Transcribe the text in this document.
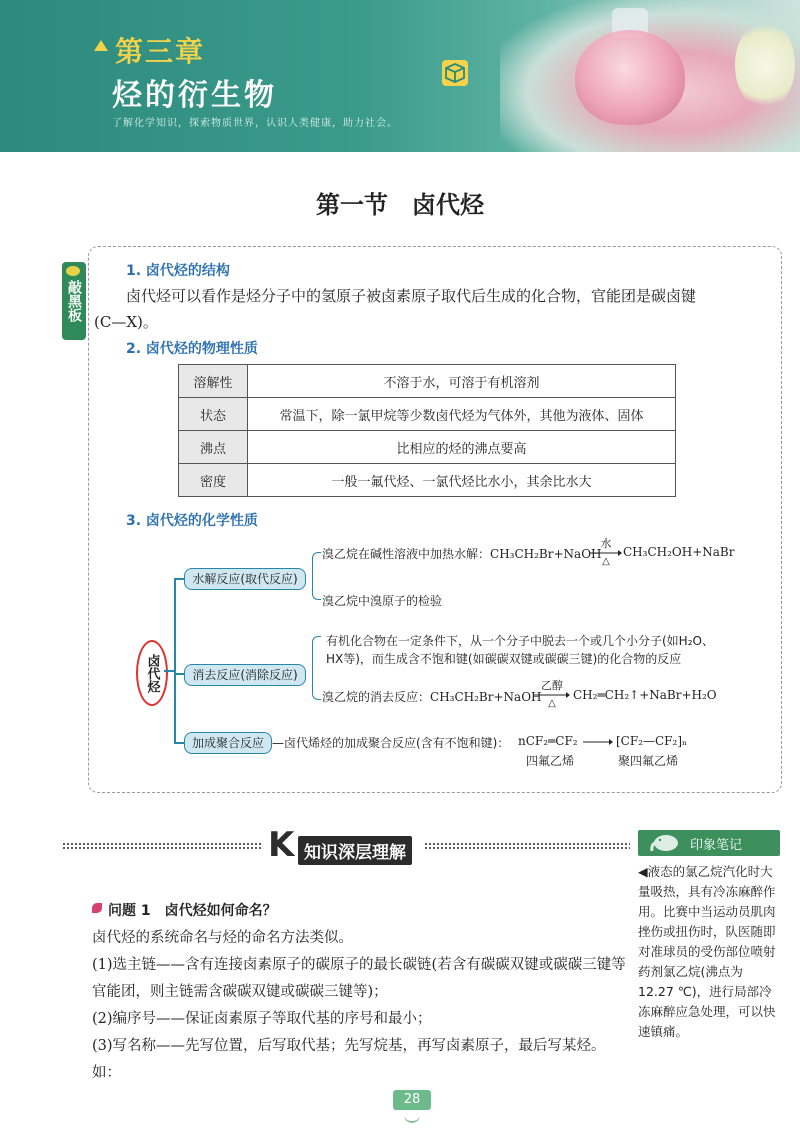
第三章
烃的衍生物
了解化学知识，探索物质世界，认识人类健康，助力社会。
第一节　卤代烃
敲黑板
1. 卤代烃的结构
卤代烃可以看作是烃分子中的氢原子被卤素原子取代后生成的化合物，官能团是碳卤键
(C—X)。
2. 卤代烃的物理性质
溶解性	不溶于水，可溶于有机溶剂
状态	常温下，除一氯甲烷等少数卤代烃为气体外，其他为液体、固体
沸点	比相应的烃的沸点要高
密度	一般一氟代烃、一氯代烃比水小，其余比水大
3. 卤代烃的化学性质
卤代烃
水解反应(取代反应)
消去反应(消除反应)
加成聚合反应
溴乙烷在碱性溶液中加热水解：CH₃CH₂Br+NaOH
水
△
CH₃CH₂OH+NaBr
溴乙烷中溴原子的检验
有机化合物在一定条件下，从一个分子中脱去一个或几个小分子(如H₂O、
HX等)，而生成含不饱和键(如碳碳双键或碳碳三键)的化合物的反应
溴乙烷的消去反应：CH₃CH₂Br+NaOH
乙醇
△
CH₂═CH₂↑+NaBr+H₂O
—卤代烯烃的加成聚合反应(含有不饱和键)： nCF₂═CF₂ → [CF₂—CF₂]ₙ
四氟乙烯	聚四氟乙烯
K 知识深层理解	印象笔记
◀液态的氯乙烷汽化时大量吸热，具有冷冻麻醉作用。比赛中当运动员肌肉挫伤或扭伤时，队医随即对准球员的受伤部位喷射药剂氯乙烷(沸点为 12.27 ℃)，进行局部冷冻麻醉应急处理，可以快速镇痛。
问题 1　卤代烃如何命名？
卤代烃的系统命名与烃的命名方法类似。
(1)选主链——含有连接卤素原子的碳原子的最长碳链(若含有碳碳双键或碳碳三键等官能团，则主链需含碳碳双键或碳碳三键等)；
(2)编序号——保证卤素原子等取代基的序号和最小；
(3)写名称——先写位置，后写取代基；先写烷基，再写卤素原子，最后写某烃。如：
28
